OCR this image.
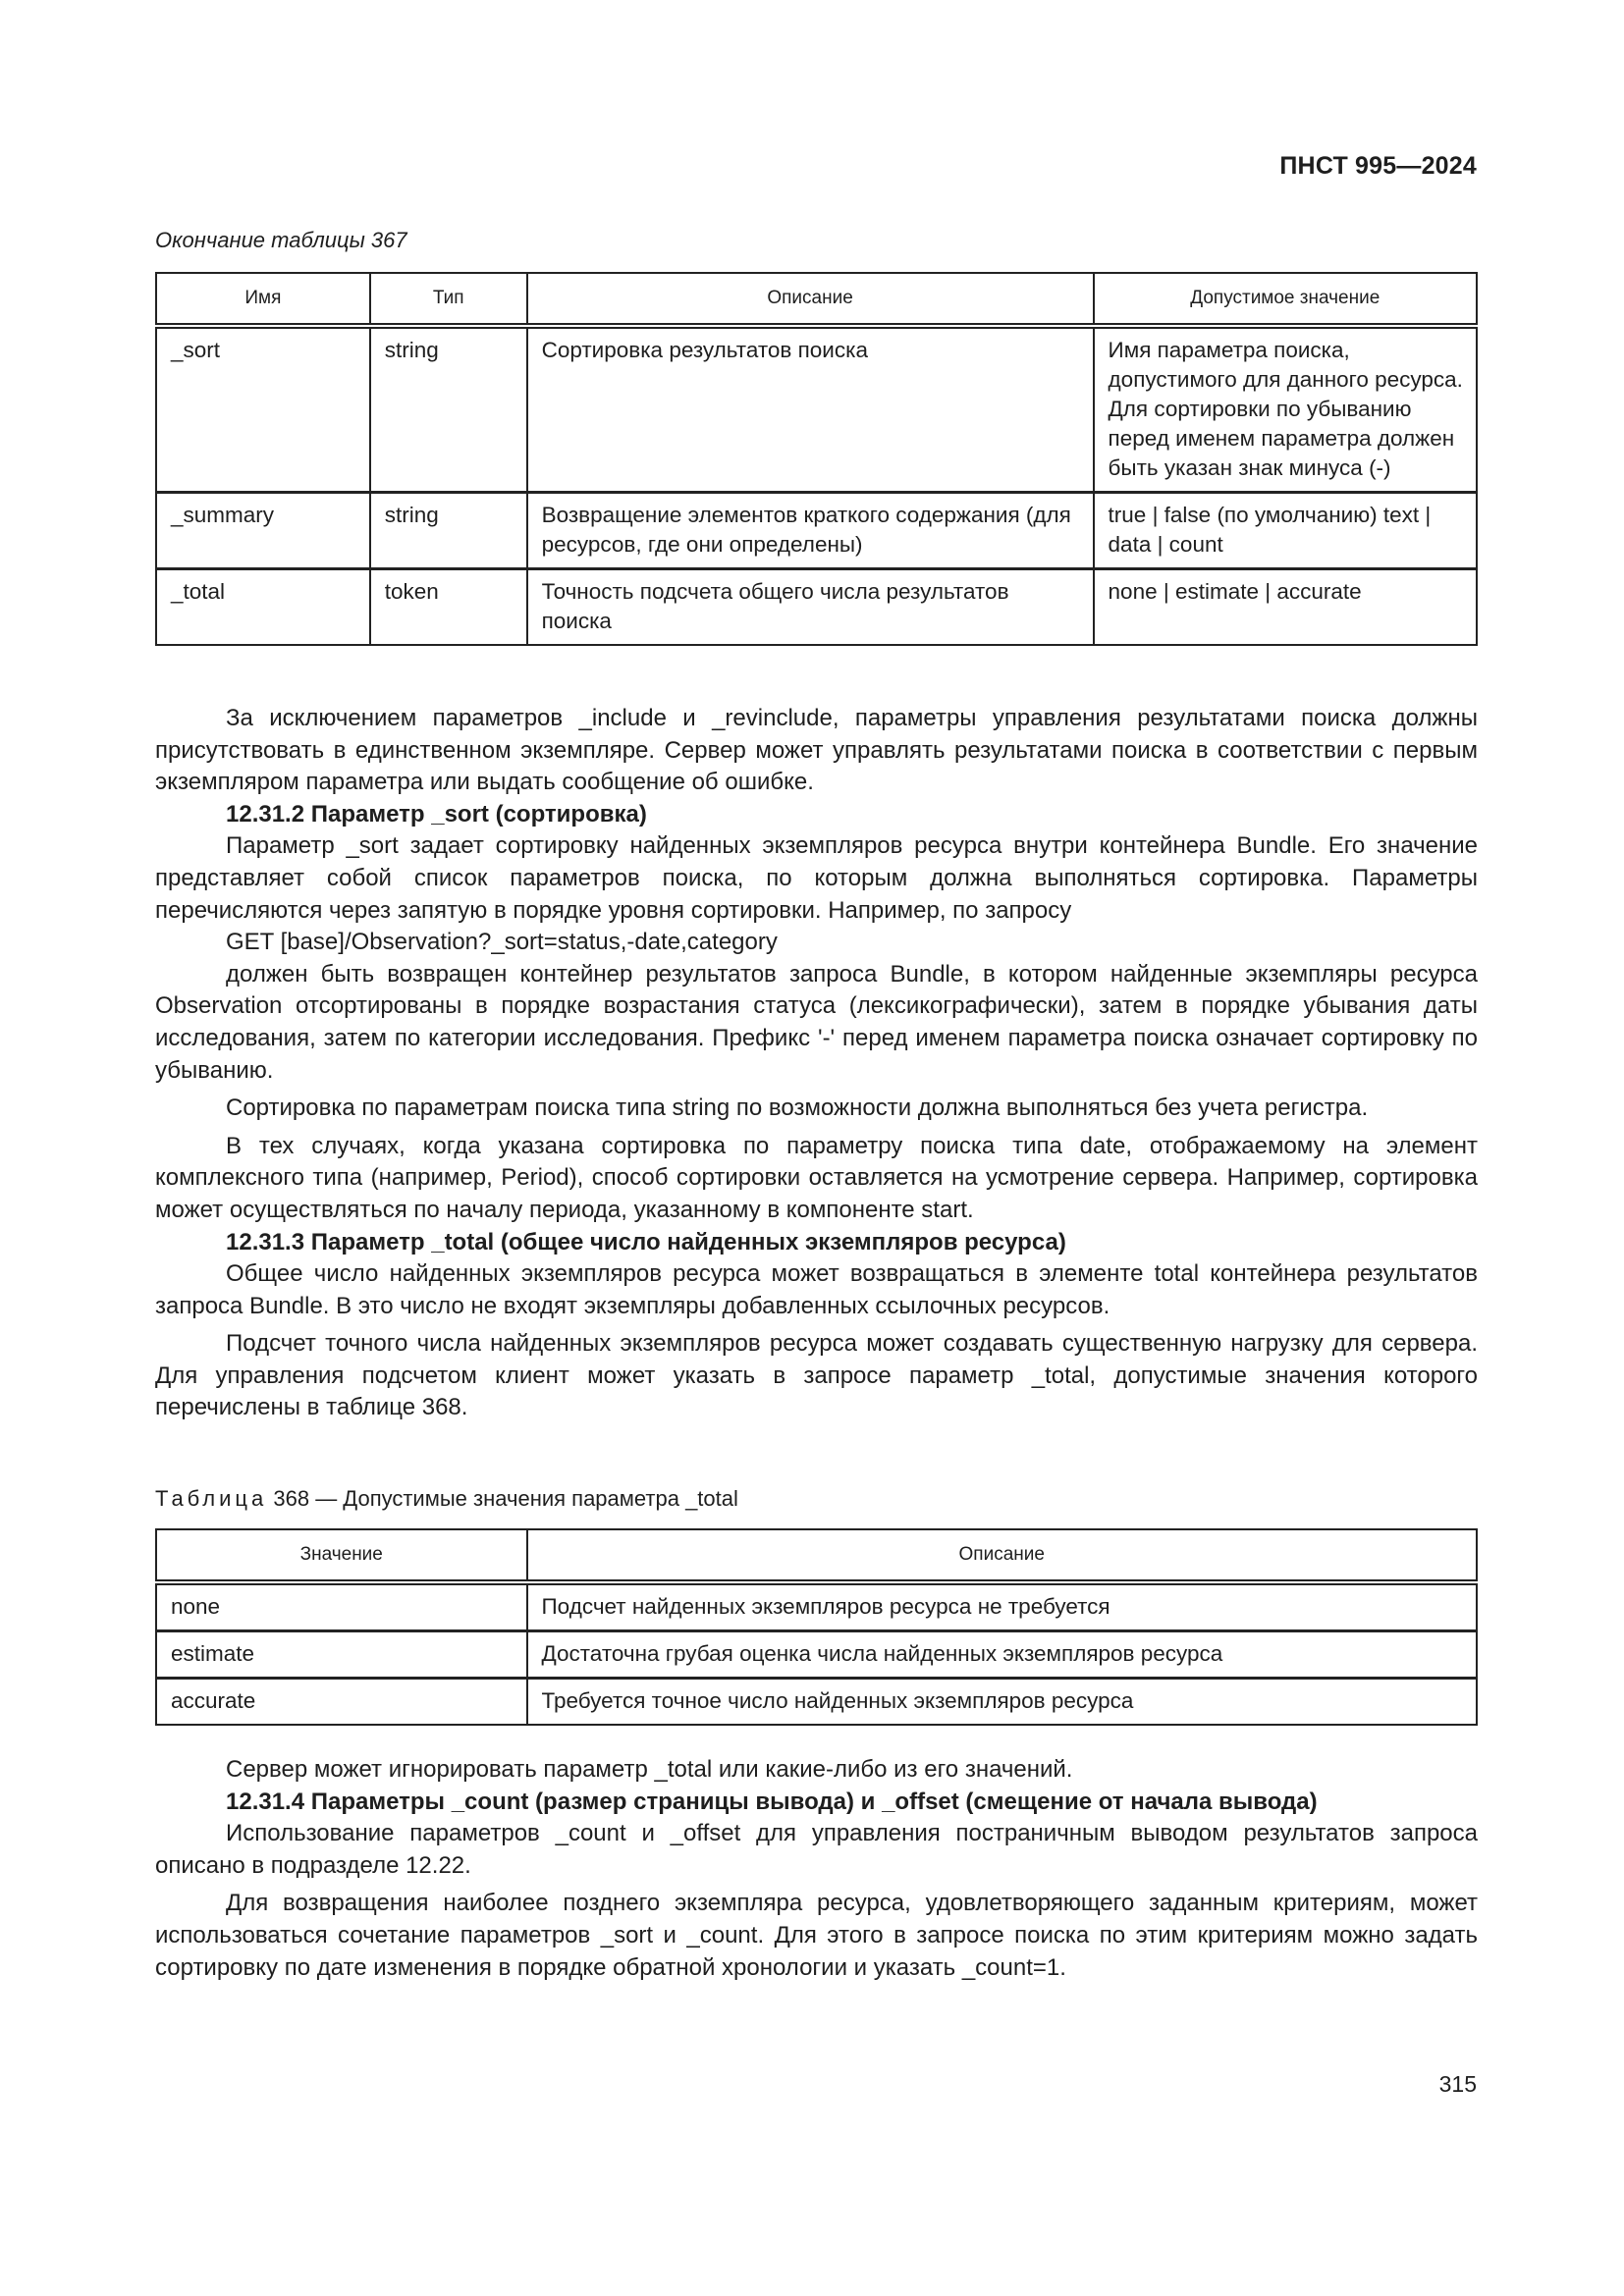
ПНСТ 995—2024
Окончание таблицы 367
Имя	Тип	Описание	Допустимое значение
_sort	string	Сортировка результатов поиска	Имя параметра поиска, допустимого для данного ресурса. Для сортировки по убыванию перед именем параметра должен быть указан знак минуса (-)
_summary	string	Возвращение элементов краткого содержания (для ресурсов, где они определены)	true | false (по умолчанию) text | data | count
_total	token	Точность подсчета общего числа результатов поиска	none | estimate | accurate

За исключением параметров _include и _revinclude, параметры управления результатами поиска должны присутствовать в единственном экземпляре. Сервер может управлять результатами поиска в соответствии с первым экземпляром параметра или выдать сообщение об ошибке.

12.31.2 Параметр _sort (сортировка)

Параметр _sort задает сортировку найденных экземпляров ресурса внутри контейнера Bundle. Его значение представляет собой список параметров поиска, по которым должна выполняться сортировка. Параметры перечисляются через запятую в порядке уровня сортировки. Например, по запросу

GET [base]/Observation?_sort=status,-date,category

должен быть возвращен контейнер результатов запроса Bundle, в котором найденные экземпляры ресурса Observation отсортированы в порядке возрастания статуса (лексикографически), затем в порядке убывания даты исследования, затем по категории исследования. Префикс '-' перед именем параметра поиска означает сортировку по убыванию.

Сортировка по параметрам поиска типа string по возможности должна выполняться без учета регистра.

В тех случаях, когда указана сортировка по параметру поиска типа date, отображаемому на элемент комплексного типа (например, Period), способ сортировки оставляется на усмотрение сервера. Например, сортировка может осуществляться по началу периода, указанному в компоненте start.

12.31.3 Параметр _total (общее число найденных экземпляров ресурса)

Общее число найденных экземпляров ресурса может возвращаться в элементе total контейнера результатов запроса Bundle. В это число не входят экземпляры добавленных ссылочных ресурсов.

Подсчет точного числа найденных экземпляров ресурса может создавать существенную нагрузку для сервера. Для управления подсчетом клиент может указать в запросе параметр _total, допустимые значения которого перечислены в таблице 368.

Таблица 368 — Допустимые значения параметра _total
Значение	Описание
none	Подсчет найденных экземпляров ресурса не требуется
estimate	Достаточна грубая оценка числа найденных экземпляров ресурса
accurate	Требуется точное число найденных экземпляров ресурса

Сервер может игнорировать параметр _total или какие-либо из его значений.

12.31.4 Параметры _count (размер страницы вывода) и _offset (смещение от начала вывода)

Использование параметров _count и _offset для управления постраничным выводом результатов запроса описано в подразделе 12.22.

Для возвращения наиболее позднего экземпляра ресурса, удовлетворяющего заданным критериям, может использоваться сочетание параметров _sort и _count. Для этого в запросе поиска по этим критериям можно задать сортировку по дате изменения в порядке обратной хронологии и указать _count=1.

315
